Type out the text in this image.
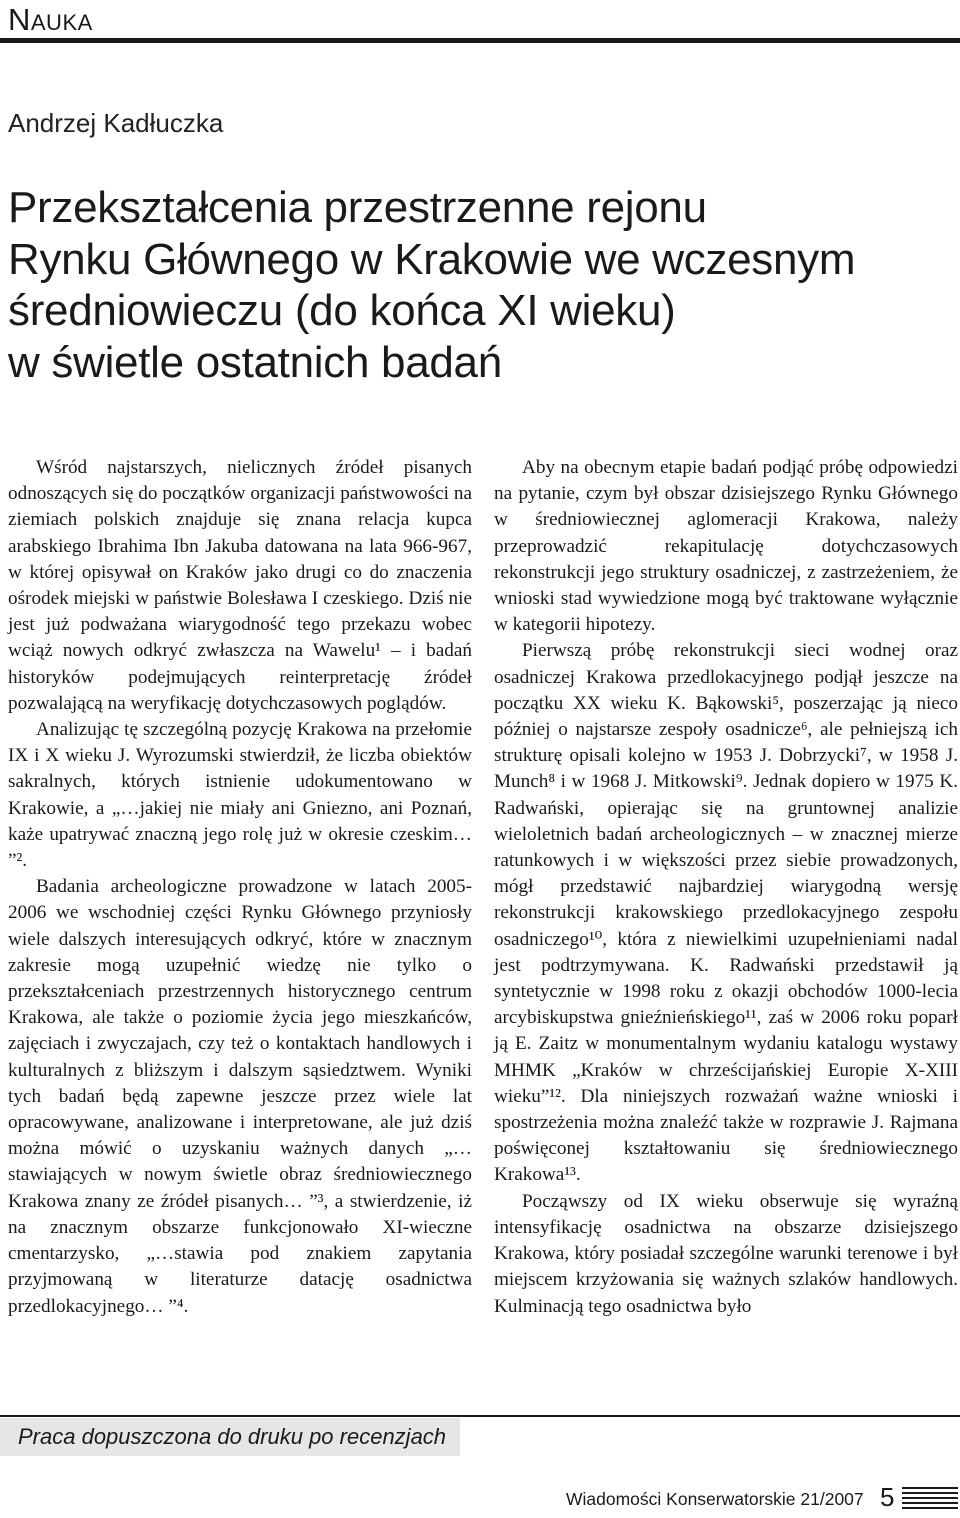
Nauka
Andrzej Kadłuczka
Przekształcenia przestrzenne rejonu
Rynku Głównego w Krakowie we wczesnym
średniowieczu (do końca XI wieku)
w świetle ostatnich badań

Wśród najstarszych, nielicznych źródeł pisanych odnoszących się do początków organizacji państwowości na ziemiach polskich znajduje się znana relacja kupca arabskiego Ibrahima Ibn Jakuba datowana na lata 966-967, w której opisywał on Kraków jako drugi co do znaczenia ośrodek miejski w państwie Bolesława I czeskiego. Dziś nie jest już podważana wiarygodność tego przekazu wobec wciąż nowych odkryć zwłaszcza na Wawelu¹ – i badań historyków podejmujących reinterpretację źródeł pozwalającą na weryfikację dotychczasowych poglądów.

Analizując tę szczególną pozycję Krakowa na przełomie IX i X wieku J. Wyrozumski stwierdził, że liczba obiektów sakralnych, których istnienie udokumentowano w Krakowie, a „…jakiej nie miały ani Gniezno, ani Poznań, każe upatrywać znaczną jego rolę już w okresie czeskim… ”².

Badania archeologiczne prowadzone w latach 2005-2006 we wschodniej części Rynku Głównego przyniosły wiele dalszych interesujących odkryć, które w znacznym zakresie mogą uzupełnić wiedzę nie tylko o przekształceniach przestrzennych historycznego centrum Krakowa, ale także o poziomie życia jego mieszkańców, zajęciach i zwyczajach, czy też o kontaktach handlowych i kulturalnych z bliższym i dalszym sąsiedztwem. Wyniki tych badań będą zapewne jeszcze przez wiele lat opracowywane, analizowane i interpretowane, ale już dziś można mówić o uzyskaniu ważnych danych „…stawiających w nowym świetle obraz średniowiecznego Krakowa znany ze źródeł pisanych… ”³, a stwierdzenie, iż na znacznym obszarze funkcjonowało XI-wieczne cmentarzysko, „…stawia pod znakiem zapytania przyjmowaną w literaturze datację osadnictwa przedlokacyjnego… ”⁴.

Aby na obecnym etapie badań podjąć próbę odpowiedzi na pytanie, czym był obszar dzisiejszego Rynku Głównego w średniowiecznej aglomeracji Krakowa, należy przeprowadzić rekapitulację dotychczasowych rekonstrukcji jego struktury osadniczej, z zastrzeżeniem, że wnioski stad wywiedzione mogą być traktowane wyłącznie w kategorii hipotezy.

Pierwszą próbę rekonstrukcji sieci wodnej oraz osadniczej Krakowa przedlokacyjnego podjął jeszcze na początku XX wieku K. Bąkowski⁵, poszerzając ją nieco później o najstarsze zespoły osadnicze⁶, ale pełniejszą ich strukturę opisali kolejno w 1953 J. Dobrzycki⁷, w 1958 J. Munch⁸ i w 1968 J. Mitkowski⁹. Jednak dopiero w 1975 K. Radwański, opierając się na gruntownej analizie wieloletnich badań archeologicznych – w znacznej mierze ratunkowych i w większości przez siebie prowadzonych, mógł przedstawić najbardziej wiarygodną wersję rekonstrukcji krakowskiego przedlokacyjnego zespołu osadniczego¹⁰, która z niewielkimi uzupełnieniami nadal jest podtrzymywana. K. Radwański przedstawił ją syntetycznie w 1998 roku z okazji obchodów 1000-lecia arcybiskupstwa gnieźnieńskiego¹¹, zaś w 2006 roku poparł ją E. Zaitz w monumentalnym wydaniu katalogu wystawy MHMK „Kraków w chrześcijańskiej Europie X-XIII wieku”¹². Dla niniejszych rozważań ważne wnioski i spostrzeżenia można znaleźć także w rozprawie J. Rajmana poświęconej kształtowaniu się średniowiecznego Krakowa¹³.

Począwszy od IX wieku obserwuje się wyraźną intensyfikację osadnictwa na obszarze dzisiejszego Krakowa, który posiadał szczególne warunki terenowe i był miejscem krzyżowania się ważnych szlaków handlowych. Kulminacją tego osadnictwa było

Praca dopuszczona do druku po recenzjach
Wiadomości Konserwatorskie 21/2007 5
